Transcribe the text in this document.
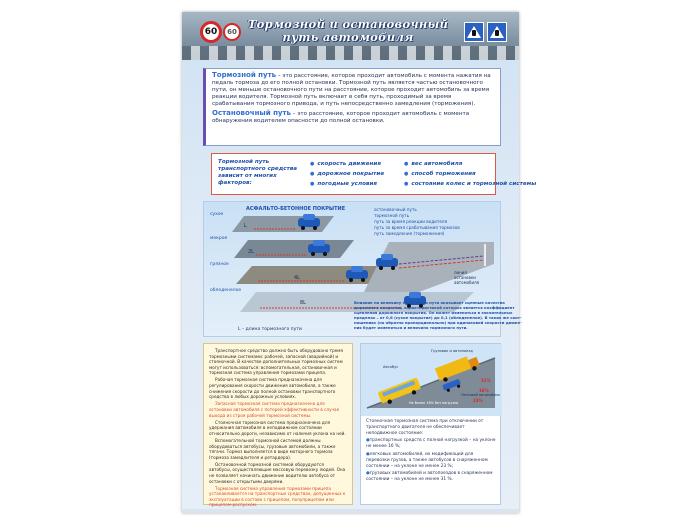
60	60
Тормозной и остановочный
путь автомобиля

Тормозной путь – это расстояние, которое проходит автомобиль с момента нажатия на педаль тормоза до его полной остановки. Тормозной путь является частью остановочного пути, он меньше остановочного пути на расстояние, которое проходит автомобиль за время реакции водителя. Тормозной путь включает в себя путь, проходимый за время срабатывания тормозного привода, и путь непосредственно замедления (торможения).

Остановочный путь – это расстояние, которое проходит автомобиль с момента обнаружения водителем опасности до полной остановки.

Тормозной путь транспортного средства зависит от многих факторов:
● скорость движения
● дорожное покрытие
● погодные условия
● вес автомобиля
● способ торможения
● состояние колес и тормозной системы
АСФАЛЬТО-БЕТОННОЕ ПОКРЫТИЕ
сухое
мокрое
грязное
обледенелое
L
2L
4L
8L
L – длина тормозного пути
остановочный путь
тормозной путь
путь за время реакции водителя
путь за время срабатывания тормозов
путь замедления (торможения)
линия
остановки
автомобиля
Влияние на величину тормозного пути оказывает сцепные качества
дорожного покрытия, характеристикой которых является коэффициент
сцепления дорожного покрытия. Он может изменяться в значительных
пределах – от 0,8 (сухое покрытие) до 0,1 (обледенелое). В таких же соот-
ношениях (но обратно пропорционально) при одинаковой скорости движе-
ния будет изменяться и величина тормозного пути.

Транспортное средство должно быть оборудовано тремя тормозными системами: рабочей, запасной (аварийной) и стояночной. В качестве дополнительных тормозных систем могут использоваться: вспомогательная, остановочная и тормозная система управления тормозами прицепа.

Рабочая тормозная система предназначена для регулирования скорости движения автомобиля, а также снижения скорости до полной остановки транспортного средства в любых дорожных условиях.

Запасная тормозная система предназначена для остановки автомобиля с потерей эффективности в случае выхода из строя рабочей тормозной системы.

Стояночная тормозная система предназначена для удержания автомобиля в неподвижном состоянии относительно дороги, независимо от наличия уклона на ней.

Вспомогательной тормозной системой должны оборудоваться автобусы, грузовые автомобили, а также тягачи. Тормоз выполняется в виде моторного тормоза (тормоза замедлителя и ретардера).

Остановочной тормозной системой оборудуются автобусы, осуществляющие массовую перевозку людей. Она не позволяет начинать движение водителю автобуса от остановки с открытыми дверями.

Тормозная система управления тормозами прицепа устанавливается на транспортных средствах, допущенных к эксплуатации в составе с прицепом, полуприцепом или прицепом-роспуском.

Автобус
Грузовик и автопоезд
Легковой автомобиль
Не более 16% без нагрузки
16%
23%
31%

Стояночная тормозная система при отключении от транспортного двигателя не обеспечивает неподвижное состояние:

● транспортных средств с полной нагрузкой – на уклоне не менее 16 %;

● легковых автомобилей, их модификаций для перевозки грузов, а также автобусов в снаряженном состоянии – на уклоне не менее 23 %;

● грузовых автомобилей и автопоездов в снаряженном состоянии – на уклоне не менее 31 %.
